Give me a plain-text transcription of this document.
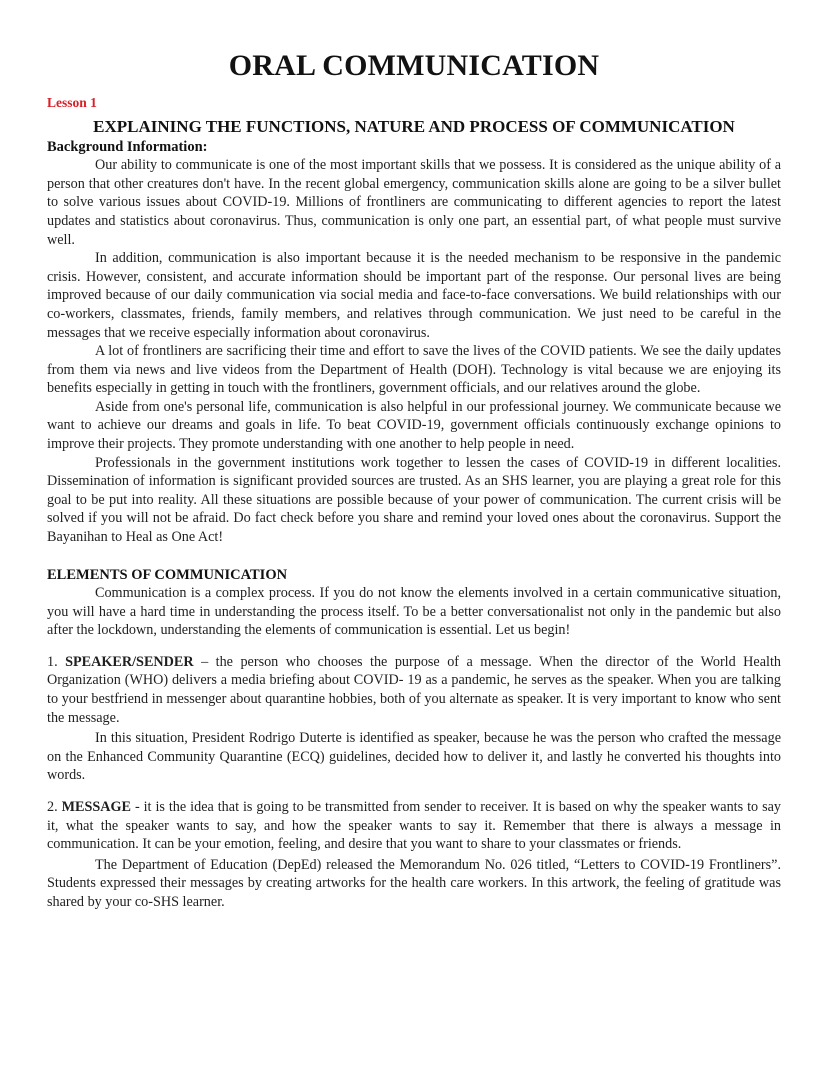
ORAL COMMUNICATION
Lesson 1
EXPLAINING THE FUNCTIONS, NATURE AND PROCESS OF COMMUNICATION
Background Information:

Our ability to communicate is one of the most important skills that we possess. It is considered as the unique ability of a person that other creatures don't have. In the recent global emergency, communication skills alone are going to be a silver bullet to solve various issues about COVID-19. Millions of frontliners are communicating to different agencies to report the latest updates and statistics about coronavirus. Thus, communication is only one part, an essential part, of what people must survive well.

In addition, communication is also important because it is the needed mechanism to be responsive in the pandemic crisis. However, consistent, and accurate information should be important part of the response. Our personal lives are being improved because of our daily communication via social media and face-to-face conversations. We build relationships with our co-workers, classmates, friends, family members, and relatives through communication. We just need to be careful in the messages that we receive especially information about coronavirus.

A lot of frontliners are sacrificing their time and effort to save the lives of the COVID patients. We see the daily updates from them via news and live videos from the Department of Health (DOH). Technology is vital because we are enjoying its benefits especially in getting in touch with the frontliners, government officials, and our relatives around the globe.

Aside from one's personal life, communication is also helpful in our professional journey. We communicate because we want to achieve our dreams and goals in life. To beat COVID-19, government officials continuously exchange opinions to improve their projects. They promote understanding with one another to help people in need.

Professionals in the government institutions work together to lessen the cases of COVID-19 in different localities. Dissemination of information is significant provided sources are trusted. As an SHS learner, you are playing a great role for this goal to be put into reality. All these situations are possible because of your power of communication. The current crisis will be solved if you will not be afraid. Do fact check before you share and remind your loved ones about the coronavirus. Support the Bayanihan to Heal as One Act!

ELEMENTS OF COMMUNICATION

Communication is a complex process. If you do not know the elements involved in a certain communicative situation, you will have a hard time in understanding the process itself. To be a better conversationalist not only in the pandemic but also after the lockdown, understanding the elements of communication is essential. Let us begin!

1. SPEAKER/SENDER – the person who chooses the purpose of a message. When the director of the World Health Organization (WHO) delivers a media briefing about COVID- 19 as a pandemic, he serves as the speaker. When you are talking to your bestfriend in messenger about quarantine hobbies, both of you alternate as speaker. It is very important to know who sent the message.

In this situation, President Rodrigo Duterte is identified as speaker, because he was the person who crafted the message on the Enhanced Community Quarantine (ECQ) guidelines, decided how to deliver it, and lastly he converted his thoughts into words.

2. MESSAGE - it is the idea that is going to be transmitted from sender to receiver. It is based on why the speaker wants to say it, what the speaker wants to say, and how the speaker wants to say it. Remember that there is always a message in communication. It can be your emotion, feeling, and desire that you want to share to your classmates or friends.

The Department of Education (DepEd) released the Memorandum No. 026 titled, “Letters to COVID-19 Frontliners”. Students expressed their messages by creating artworks for the health care workers. In this artwork, the feeling of gratitude was shared by your co-SHS learner.
